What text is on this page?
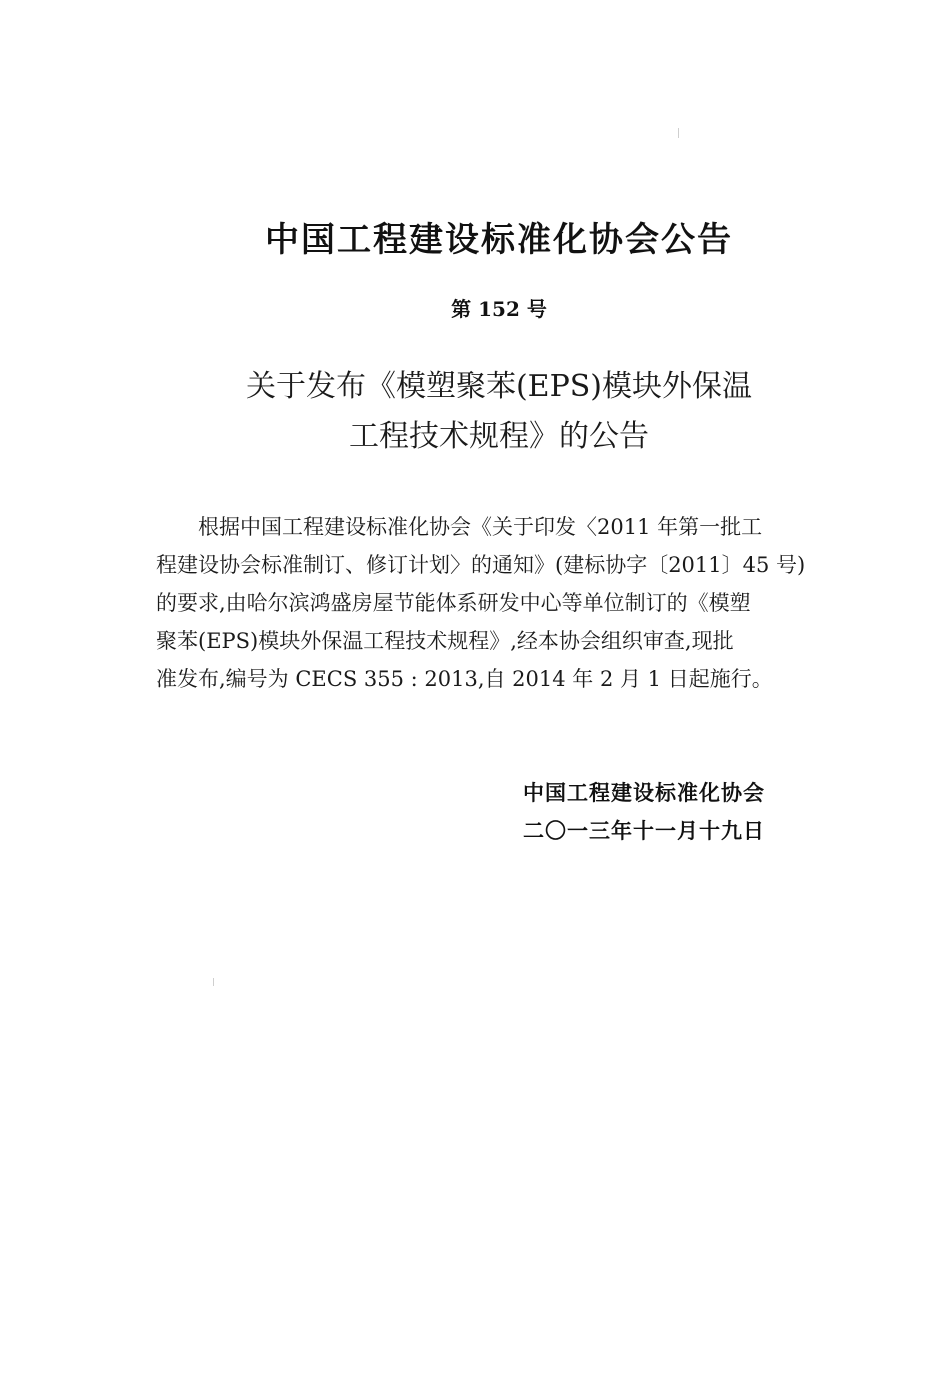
中国工程建设标准化协会公告
第 152 号
关于发布《模塑聚苯(EPS)模块外保温
工程技术规程》的公告
根据中国工程建设标准化协会《关于印发〈2011 年第一批工
程建设协会标准制订、修订计划〉的通知》(建标协字〔2011〕45 号)
的要求,由哈尔滨鸿盛房屋节能体系研发中心等单位制订的《模塑
聚苯(EPS)模块外保温工程技术规程》,经本协会组织审查,现批
准发布,编号为 CECS 355 : 2013,自 2014 年 2 月 1 日起施行。
中国工程建设标准化协会
二〇一三年十一月十九日
